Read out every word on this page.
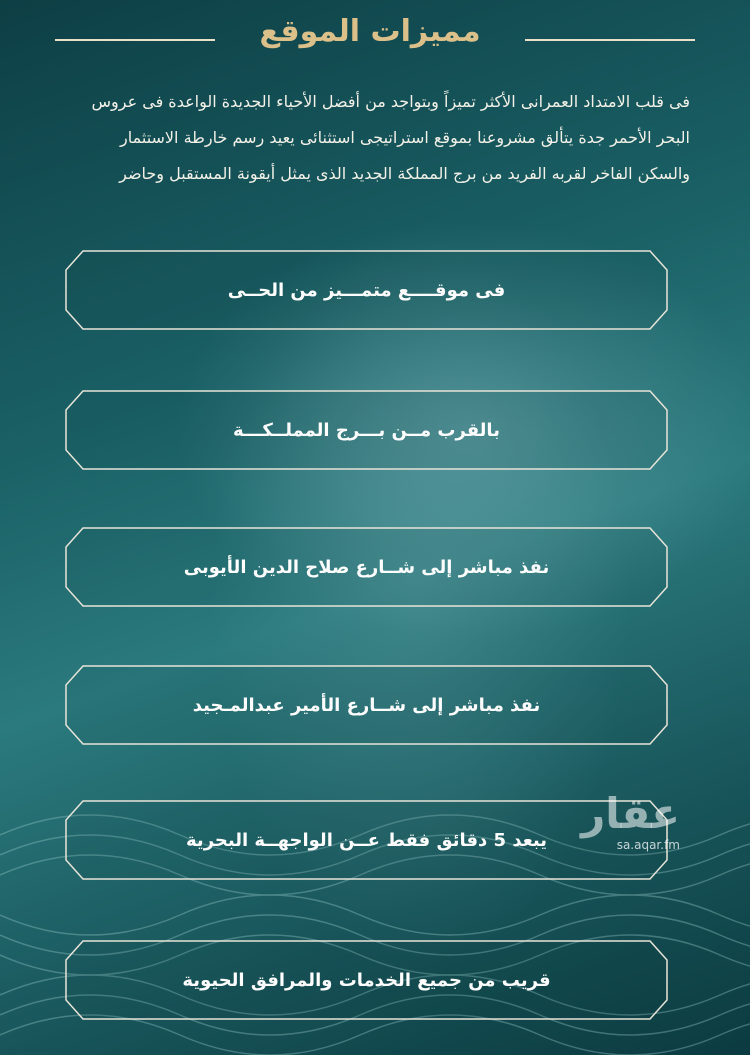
مميزات الموقع
فى قلب الامتداد العمرانى الأكثر تميزاً وبتواجد من أفضل الأحياء الجديدة الواعدة فى عروس البحر الأحمر جدة يتألق مشروعنا بموقع استراتيجى استثنائى يعيد رسم خارطة الاستثمار والسكن الفاخر لقربه الفريد من برج المملكة الجديد الذى يمثل أيقونة المستقبل وحاضر
فى موقــــع متمـــيز من الحــى
بالقرب مــن بـــرج المملــكـــة
نفذ مباشر إلى شــارع صلاح الدين الأيوبى
نفذ مباشر إلى شــارع الأمير عبدالمـجيد
يبعد 5 دقائق فقط عــن الواجهــة البحرية
قريب من جميع الخدمات والمرافق الحيوية
عقار
sa.aqar.fm
